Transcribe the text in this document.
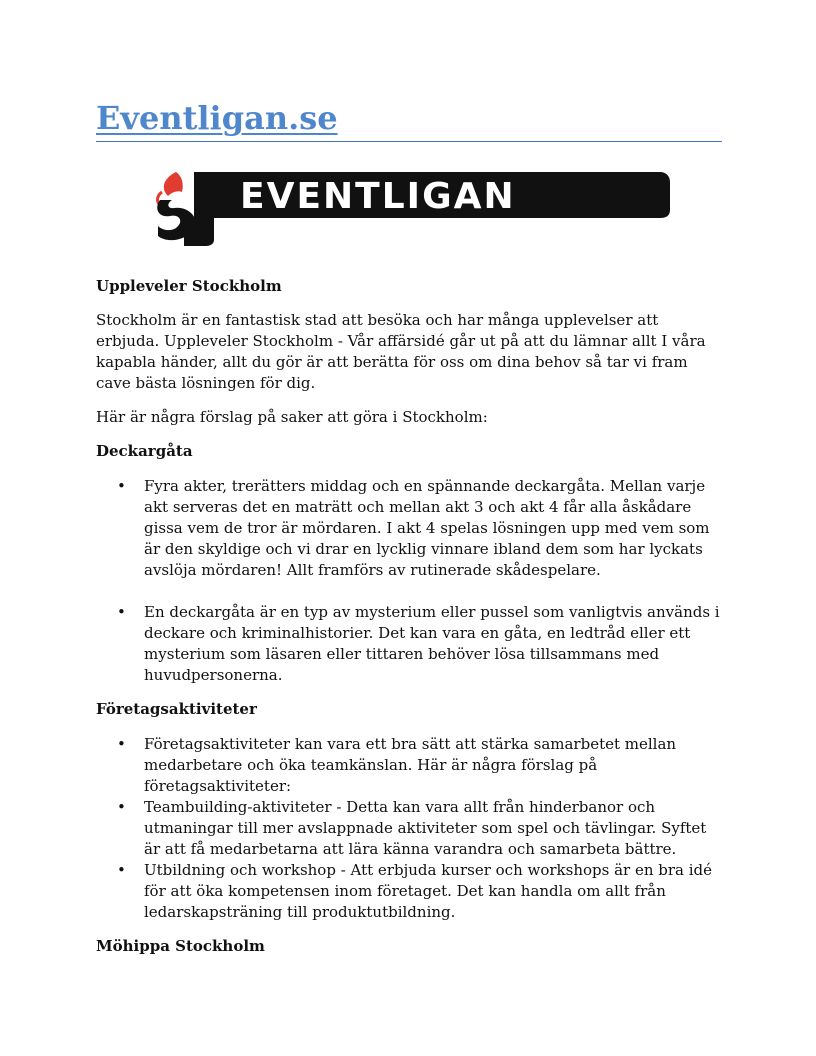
Eventligan.se
EVENTLIGAN
Uppleveler Stockholm

Stockholm är en fantastisk stad att besöka och har många upplevelser att erbjuda. Uppleveler Stockholm - Vår affärsidé går ut på att du lämnar allt I våra kapabla händer, allt du gör är att berätta för oss om dina behov så tar vi fram cave bästa lösningen för dig.

Här är några förslag på saker att göra i Stockholm:

Deckargåta
• Fyra akter, trerätters middag och en spännande deckargåta. Mellan varje akt serveras det en maträtt och mellan akt 3 och akt 4 får alla åskådare gissa vem de tror är mördaren. I akt 4 spelas lösningen upp med vem som är den skyldige och vi drar en lycklig vinnare ibland dem som har lyckats avslöja mördaren! Allt framförs av rutinerade skådespelare.
• En deckargåta är en typ av mysterium eller pussel som vanligtvis används i deckare och kriminalhistorier. Det kan vara en gåta, en ledtråd eller ett mysterium som läsaren eller tittaren behöver lösa tillsammans med huvudpersonerna.
Företagsaktiviteter
• Företagsaktiviteter kan vara ett bra sätt att stärka samarbetet mellan medarbetare och öka teamkänslan. Här är några förslag på företagsaktiviteter:
• Teambuilding-aktiviteter - Detta kan vara allt från hinderbanor och utmaningar till mer avslappnade aktiviteter som spel och tävlingar. Syftet är att få medarbetarna att lära känna varandra och samarbeta bättre.
• Utbildning och workshop - Att erbjuda kurser och workshops är en bra idé för att öka kompetensen inom företaget. Det kan handla om allt från ledarskapsträning till produktutbildning.
Möhippa Stockholm
